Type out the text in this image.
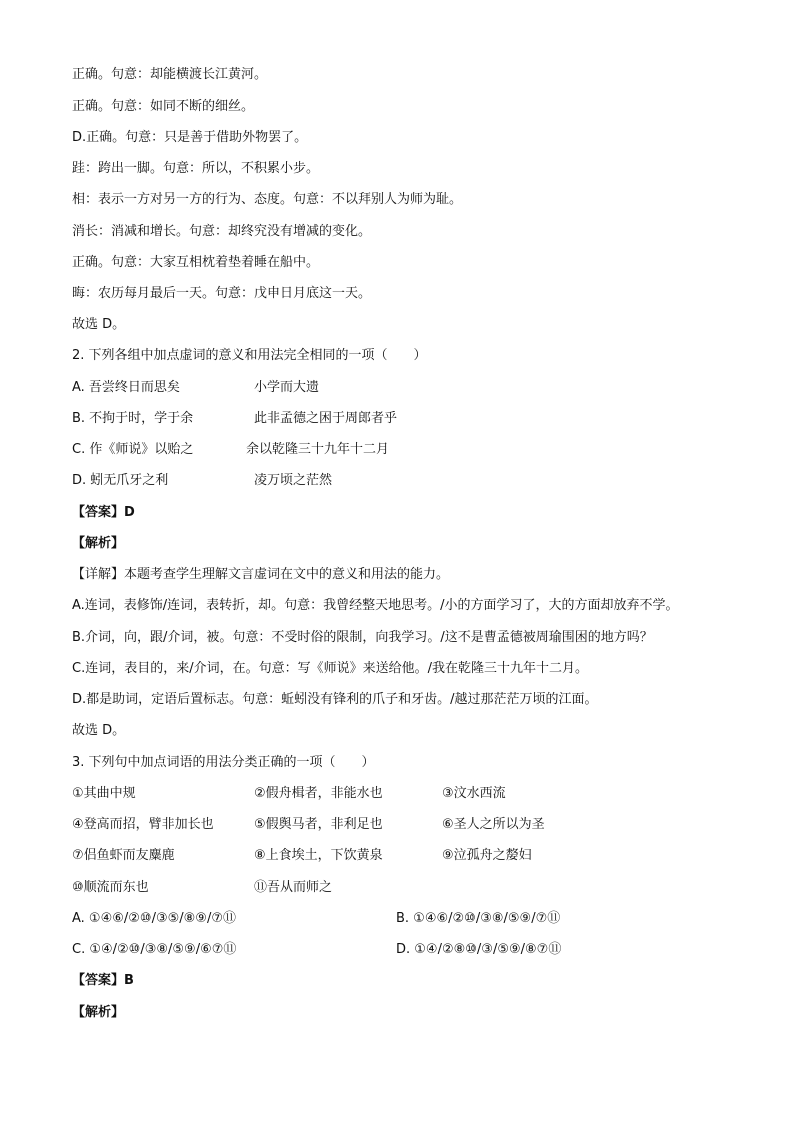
正确。句意：却能横渡长江黄河。
正确。句意：如同不断的细丝。
D.正确。句意：只是善于借助外物罢了。
跬：跨出一脚。句意：所以，不积累小步。
相：表示一方对另一方的行为、态度。句意：不以拜别人为师为耻。
消长：消减和增长。句意：却终究没有增减的变化。
正确。句意：大家互相枕着垫着睡在船中。
晦：农历每月最后一天。句意：戊申日月底这一天。
故选 D。
2. 下列各组中加点虚词的意义和用法完全相同的一项（　　）
A. 吾尝终日而思矣	小学而大遗
B. 不拘于时，学于余	此非孟德之困于周郎者乎
C. 作《师说》以贻之	余以乾隆三十九年十二月
D. 蚓无爪牙之利	凌万顷之茫然
【答案】D
【解析】
【详解】本题考查学生理解文言虚词在文中的意义和用法的能力。
A.连词，表修饰/连词，表转折，却。句意：我曾经整天地思考。/小的方面学习了，大的方面却放弃不学。
B.介词，向，跟/介词，被。句意：不受时俗的限制，向我学习。/这不是曹孟德被周瑜围困的地方吗？
C.连词，表目的，来/介词，在。句意：写《师说》来送给他。/我在乾隆三十九年十二月。
D.都是助词，定语后置标志。句意：蚯蚓没有锋利的爪子和牙齿。/越过那茫茫万顷的江面。
故选 D。
3. 下列句中加点词语的用法分类正确的一项（　　）
①其曲中规	②假舟楫者，非能水也	③汶水西流
④登高而招，臂非加长也	⑤假舆马者，非利足也	⑥圣人之所以为圣
⑦侣鱼虾而友麋鹿	⑧上食埃土，下饮黄泉	⑨泣孤舟之嫠妇
⑩顺流而东也	⑪吾从而师之
A. ①④⑥/②⑩/③⑤/⑧⑨/⑦⑪	B. ①④⑥/②⑩/③⑧/⑤⑨/⑦⑪
C. ①④/②⑩/③⑧/⑤⑨/⑥⑦⑪	D. ①④/②⑧⑩/③/⑤⑨/⑧⑦⑪
【答案】B
【解析】
